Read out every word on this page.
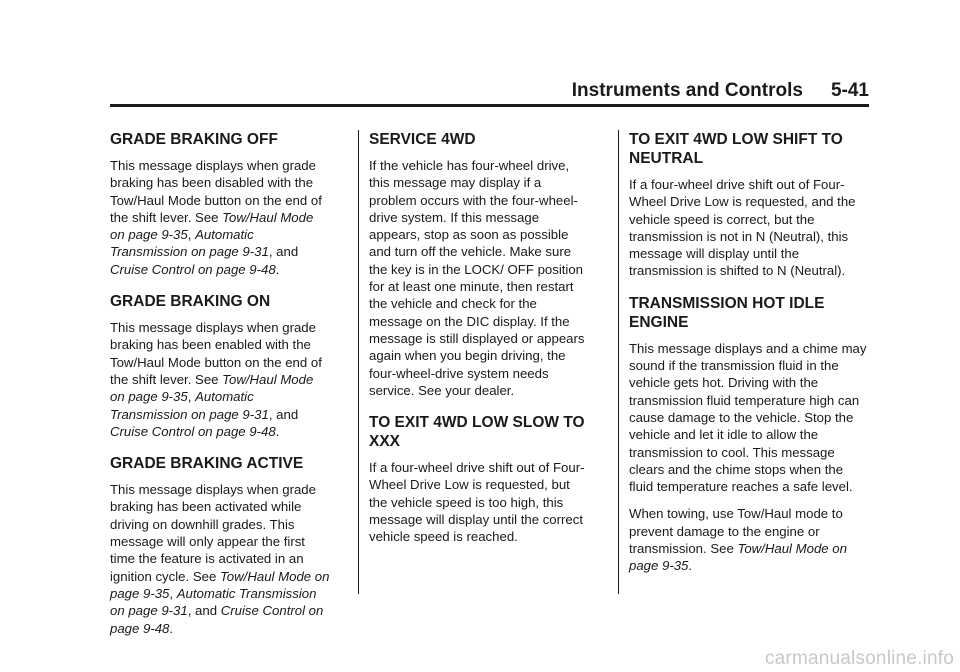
Instruments and Controls 5-41
GRADE BRAKING OFF

This message displays when grade braking has been disabled with the Tow/Haul Mode button on the end of the shift lever. See Tow/Haul Mode on page 9-35, Automatic Transmission on page 9-31, and Cruise Control on page 9-48.

GRADE BRAKING ON

This message displays when grade braking has been enabled with the Tow/Haul Mode button on the end of the shift lever. See Tow/Haul Mode on page 9-35, Automatic Transmission on page 9-31, and Cruise Control on page 9-48.

GRADE BRAKING ACTIVE

This message displays when grade braking has been activated while driving on downhill grades. This message will only appear the first time the feature is activated in an ignition cycle. See Tow/Haul Mode on page 9-35, Automatic Transmission on page 9-31, and Cruise Control on page 9-48.

SERVICE 4WD

If the vehicle has four-wheel drive, this message may display if a problem occurs with the four-wheel-drive system. If this message appears, stop as soon as possible and turn off the vehicle. Make sure the key is in the LOCK/ OFF position for at least one minute, then restart the vehicle and check for the message on the DIC display. If the message is still displayed or appears again when you begin driving, the four-wheel-drive system needs service. See your dealer.

TO EXIT 4WD LOW SLOW TO XXX

If a four-wheel drive shift out of Four-Wheel Drive Low is requested, but the vehicle speed is too high, this message will display until the correct vehicle speed is reached.

TO EXIT 4WD LOW SHIFT TO NEUTRAL

If a four-wheel drive shift out of Four-Wheel Drive Low is requested, and the vehicle speed is correct, but the transmission is not in N (Neutral), this message will display until the transmission is shifted to N (Neutral).

TRANSMISSION HOT IDLE ENGINE

This message displays and a chime may sound if the transmission fluid in the vehicle gets hot. Driving with the transmission fluid temperature high can cause damage to the vehicle. Stop the vehicle and let it idle to allow the transmission to cool. This message clears and the chime stops when the fluid temperature reaches a safe level.

When towing, use Tow/Haul mode to prevent damage to the engine or transmission. See Tow/Haul Mode on page 9-35.

carmanualsonline.info
